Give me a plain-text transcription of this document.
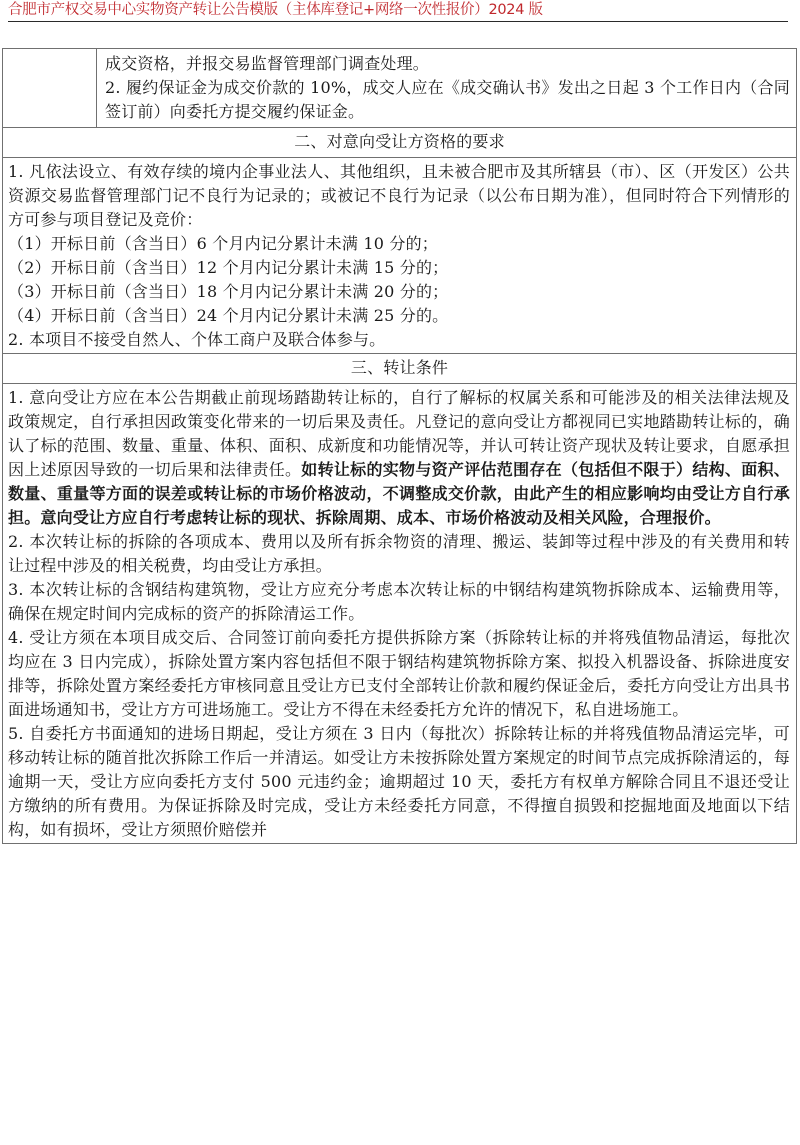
合肥市产权交易中心实物资产转让公告模版（主体库登记+网络一次性报价）2024 版

成交资格，并报交易监督管理部门调查处理。

2. 履约保证金为成交价款的 10%，成交人应在《成交确认书》发出之日起 3 个工作日内（合同签订前）向委托方提交履约保证金。

二、对意向受让方资格的要求

1. 凡依法设立、有效存续的境内企事业法人、其他组织，且未被合肥市及其所辖县（市）、区（开发区）公共资源交易监督管理部门记不良行为记录的；或被记不良行为记录（以公布日期为准），但同时符合下列情形的方可参与项目登记及竞价：

（1）开标日前（含当日）6 个月内记分累计未满 10 分的；

（2）开标日前（含当日）12 个月内记分累计未满 15 分的；

（3）开标日前（含当日）18 个月内记分累计未满 20 分的；

（4）开标日前（含当日）24 个月内记分累计未满 25 分的。

2. 本项目不接受自然人、个体工商户及联合体参与。

三、转让条件

1. 意向受让方应在本公告期截止前现场踏勘转让标的，自行了解标的权属关系和可能涉及的相关法律法规及政策规定，自行承担因政策变化带来的一切后果及责任。凡登记的意向受让方都视同已实地踏勘转让标的，确认了标的范围、数量、重量、体积、面积、成新度和功能情况等，并认可转让资产现状及转让要求，自愿承担因上述原因导致的一切后果和法律责任。如转让标的实物与资产评估范围存在（包括但不限于）结构、面积、数量、重量等方面的误差或转让标的市场价格波动，不调整成交价款，由此产生的相应影响均由受让方自行承担。意向受让方应自行考虑转让标的现状、拆除周期、成本、市场价格波动及相关风险，合理报价。

2. 本次转让标的拆除的各项成本、费用以及所有拆余物资的清理、搬运、装卸等过程中涉及的有关费用和转让过程中涉及的相关税费，均由受让方承担。

3. 本次转让标的含钢结构建筑物，受让方应充分考虑本次转让标的中钢结构建筑物拆除成本、运输费用等，确保在规定时间内完成标的资产的拆除清运工作。

4. 受让方须在本项目成交后、合同签订前向委托方提供拆除方案（拆除转让标的并将残值物品清运，每批次均应在 3 日内完成），拆除处置方案内容包括但不限于钢结构建筑物拆除方案、拟投入机器设备、拆除进度安排等，拆除处置方案经委托方审核同意且受让方已支付全部转让价款和履约保证金后，委托方向受让方出具书面进场通知书，受让方方可进场施工。受让方不得在未经委托方允许的情况下，私自进场施工。

5. 自委托方书面通知的进场日期起，受让方须在 3 日内（每批次）拆除转让标的并将残值物品清运完毕，可移动转让标的随首批次拆除工作后一并清运。如受让方未按拆除处置方案规定的时间节点完成拆除清运的，每逾期一天，受让方应向委托方支付 500 元违约金；逾期超过 10 天，委托方有权单方解除合同且不退还受让方缴纳的所有费用。为保证拆除及时完成，受让方未经委托方同意，不得擅自损毁和挖掘地面及地面以下结构，如有损坏，受让方须照价赔偿并
